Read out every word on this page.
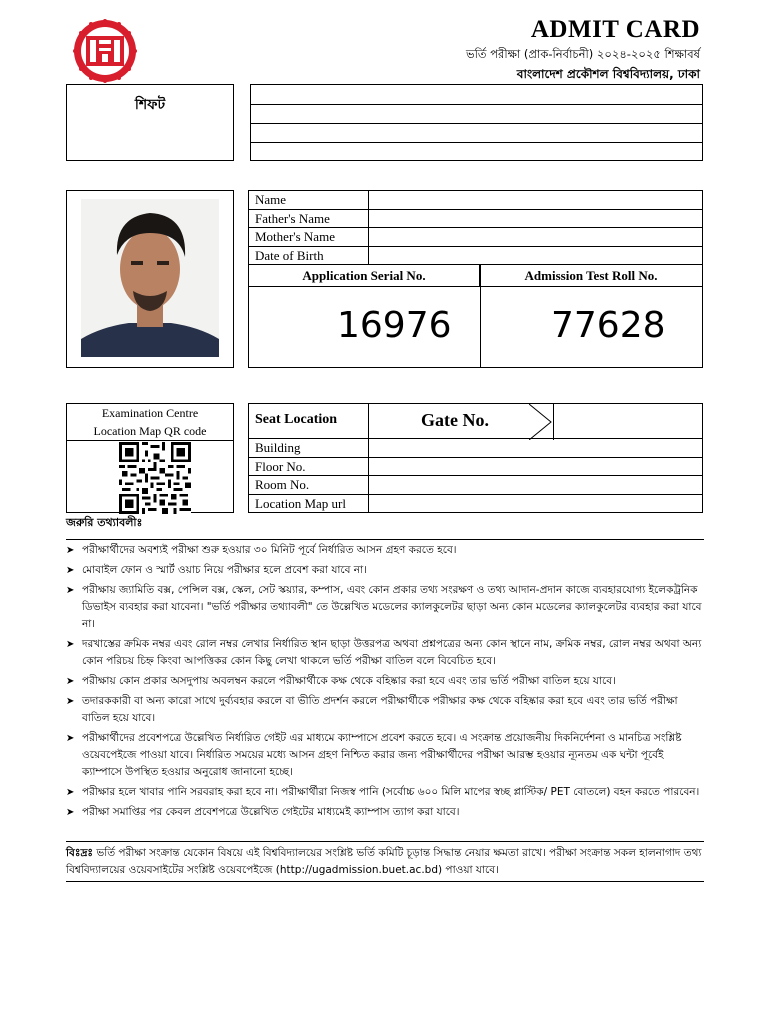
ADMIT CARD
ভর্তি পরীক্ষা (প্রাক-নির্বাচনী) ২০২৪-২০২৫ শিক্ষাবর্ষ
বাংলাদেশ প্রকৌশল বিশ্ববিদ্যালয়, ঢাকা
শিফট
Name	
Father's Name	
Mother's Name	
Date of Birth	
Application Serial No.	Admission Test Roll No.
16976	77628
Examination Centre
Location Map QR code
Seat Location	Gate No.
Building
Floor No.
Room No.
Location Map url
জরুরি তথ্যাবলীঃ
➤ পরীক্ষার্থীদের অবশ্যই পরীক্ষা শুরু হওয়ার ৩০ মিনিট পূর্বে নির্ধারিত আসন গ্রহণ করতে হবে।
➤ মোবাইল ফোন ও স্মার্ট ওয়াচ নিয়ে পরীক্ষার হলে প্রবেশ করা যাবে না।
➤ পরীক্ষায় জ্যামিতি বক্স, পেন্সিল বক্স, স্কেল, সেট স্কয়্যার, কম্পাস, এবং কোন প্রকার তথ্য সংরক্ষণ ও তথ্য আদান-প্রদান কাজে ব্যবহারযোগ্য ইলেকট্রনিক ডিভাইস ব্যবহার করা যাবেনা। "ভর্তি পরীক্ষার তথ্যাবলী" তে উল্লেখিত মডেলের ক্যালকুলেটর ছাড়া অন্য কোন মডেলের ক্যালকুলেটর ব্যবহার করা যাবে না।
➤ দরখাস্তের ক্রমিক নম্বর এবং রোল নম্বর লেখার নির্ধারিত স্থান ছাড়া উত্তরপত্র অথবা প্রশ্নপত্রের অন্য কোন স্থানে নাম, ক্রমিক নম্বর, রোল নম্বর অথবা অন্য কোন পরিচয় চিহ্ন কিংবা আপত্তিকর কোন কিছু লেখা থাকলে ভর্তি পরীক্ষা বাতিল বলে বিবেচিত হবে।
➤ পরীক্ষায় কোন প্রকার অসদুপায় অবলম্বন করলে পরীক্ষার্থীকে কক্ষ থেকে বহিষ্কার করা হবে এবং তার ভর্তি পরীক্ষা বাতিল হয়ে যাবে।
➤ তদারককারী বা অন্য কারো সাথে দুর্ব্যবহার করলে বা ভীতি প্রদর্শন করলে পরীক্ষার্থীকে পরীক্ষার কক্ষ থেকে বহিষ্কার করা হবে এবং তার ভর্তি পরীক্ষা বাতিল হয়ে যাবে।
➤ পরীক্ষার্থীদের প্রবেশপত্রে উল্লেখিত নির্ধারিত গেইট এর মাধ্যমে ক্যাম্পাসে প্রবেশ করতে হবে। এ সংক্রান্ত প্রয়োজনীয় দিকনির্দেশনা ও মানচিত্র সংশ্লিষ্ট ওয়েবপেইজে পাওয়া যাবে। নির্ধারিত সময়ের মধ্যে আসন গ্রহণ নিশ্চিত করার জন্য পরীক্ষার্থীদের পরীক্ষা আরম্ভ হওয়ার ন্যূনতম এক ঘন্টা পূর্বেই ক্যাম্পাসে উপস্থিত হওয়ার অনুরোধ জানানো হচ্ছে।
➤ পরীক্ষার হলে খাবার পানি সরবরাহ করা হবে না। পরীক্ষার্থীরা নিজস্ব পানি (সর্বোচ্চ ৬০০ মিলি মাপের স্বচ্ছ প্লাস্টিক/ PET বোতলে) বহন করতে পারবেন।
➤ পরীক্ষা সমাপ্তির পর কেবল প্রবেশপত্রে উল্লেখিত গেইটের মাধ্যমেই ক্যাম্পাস ত্যাগ করা যাবে।
বিঃদ্রঃ ভর্তি পরীক্ষা সংক্রান্ত যেকোন বিষয়ে এই বিশ্ববিদ্যালয়ের সংশ্লিষ্ট ভর্তি কমিটি চূড়ান্ত সিদ্ধান্ত নেয়ার ক্ষমতা রাখে। পরীক্ষা সংক্রান্ত সকল হালনাগাদ তথ্য বিশ্ববিদ্যালয়ের ওয়েবসাইটের সংশ্লিষ্ট ওয়েবপেইজে (http://ugadmission.buet.ac.bd) পাওয়া যাবে।
